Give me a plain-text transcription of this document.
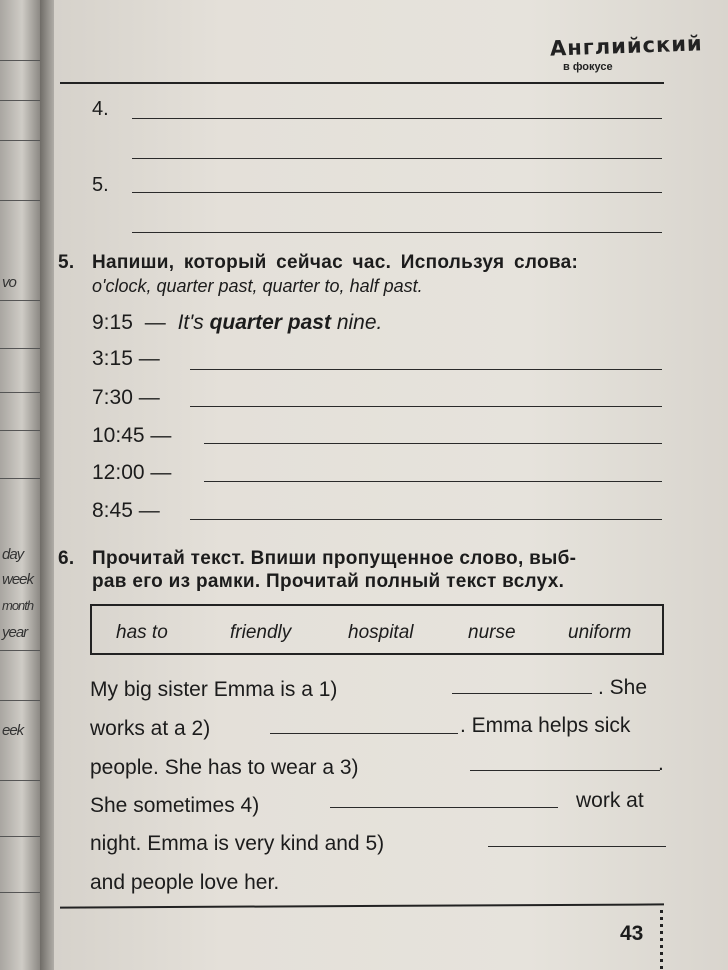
vo
day
week
month
year
eek
Английский
в фокусе
4.
5.
5. Напиши, который сейчас час. Используя слова:
o'clock, quarter past, quarter to, half past.
9:15 — It's quarter past nine.
3:15 —
7:30 —
10:45 —
12:00 —
8:45 —
6. Прочитай текст. Впиши пропущенное слово, выб-
рав его из рамки. Прочитай полный текст вслух.
has to	friendly	hospital	nurse	uniform
My big sister Emma is a 1)	. She
works at a 2)	. Emma helps sick
people. She has to wear a 3)	.
She sometimes 4)	work at
night. Emma is very kind and 5)
and people love her.
43
